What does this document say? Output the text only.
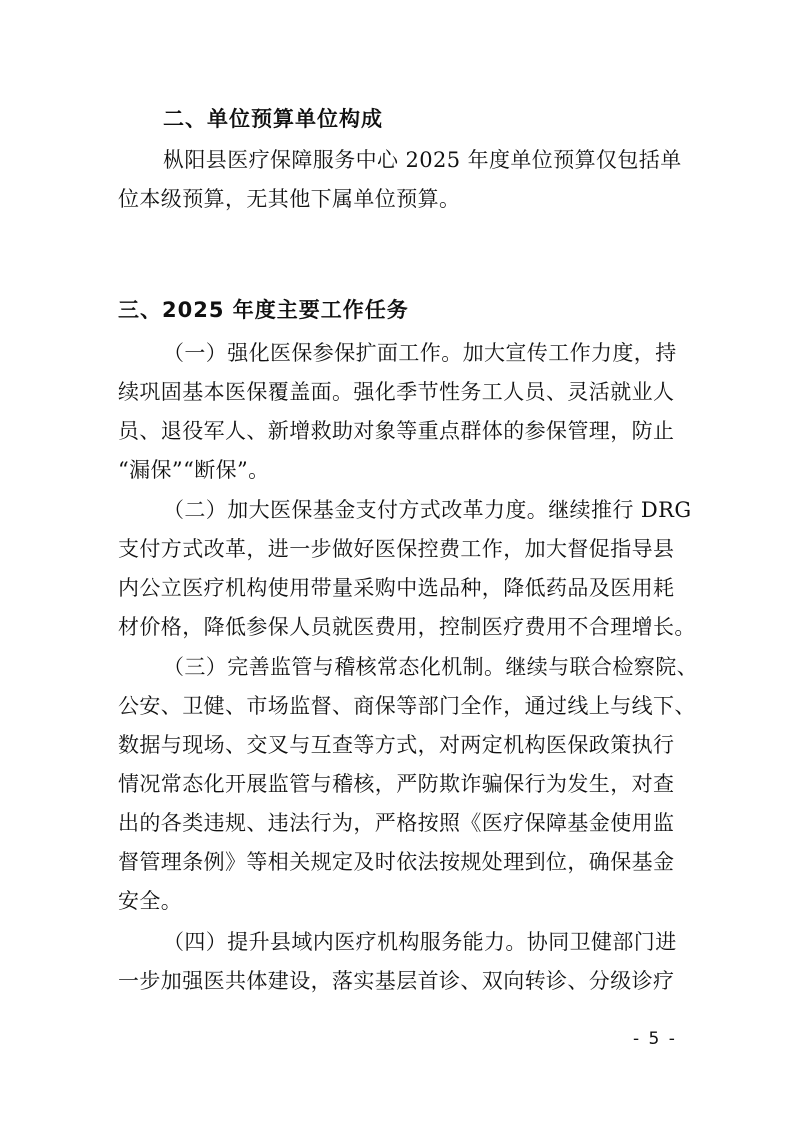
二、单位预算单位构成
枞阳县医疗保障服务中心 2025 年度单位预算仅包括单
位本级预算，无其他下属单位预算。
三、2025 年度主要工作任务
（一）强化医保参保扩面工作。加大宣传工作力度，持
续巩固基本医保覆盖面。强化季节性务工人员、灵活就业人
员、退役军人、新增救助对象等重点群体的参保管理，防止
“漏保”“断保”。
（二）加大医保基金支付方式改革力度。继续推行 DRG
支付方式改革，进一步做好医保控费工作，加大督促指导县
内公立医疗机构使用带量采购中选品种，降低药品及医用耗
材价格，降低参保人员就医费用，控制医疗费用不合理增长。
（三）完善监管与稽核常态化机制。继续与联合检察院、
公安、卫健、市场监督、商保等部门全作，通过线上与线下、
数据与现场、交叉与互查等方式，对两定机构医保政策执行
情况常态化开展监管与稽核，严防欺诈骗保行为发生，对查
出的各类违规、违法行为，严格按照《医疗保障基金使用监
督管理条例》等相关规定及时依法按规处理到位，确保基金
安全。
（四）提升县域内医疗机构服务能力。协同卫健部门进
一步加强医共体建设，落实基层首诊、双向转诊、分级诊疗
- 5 -
